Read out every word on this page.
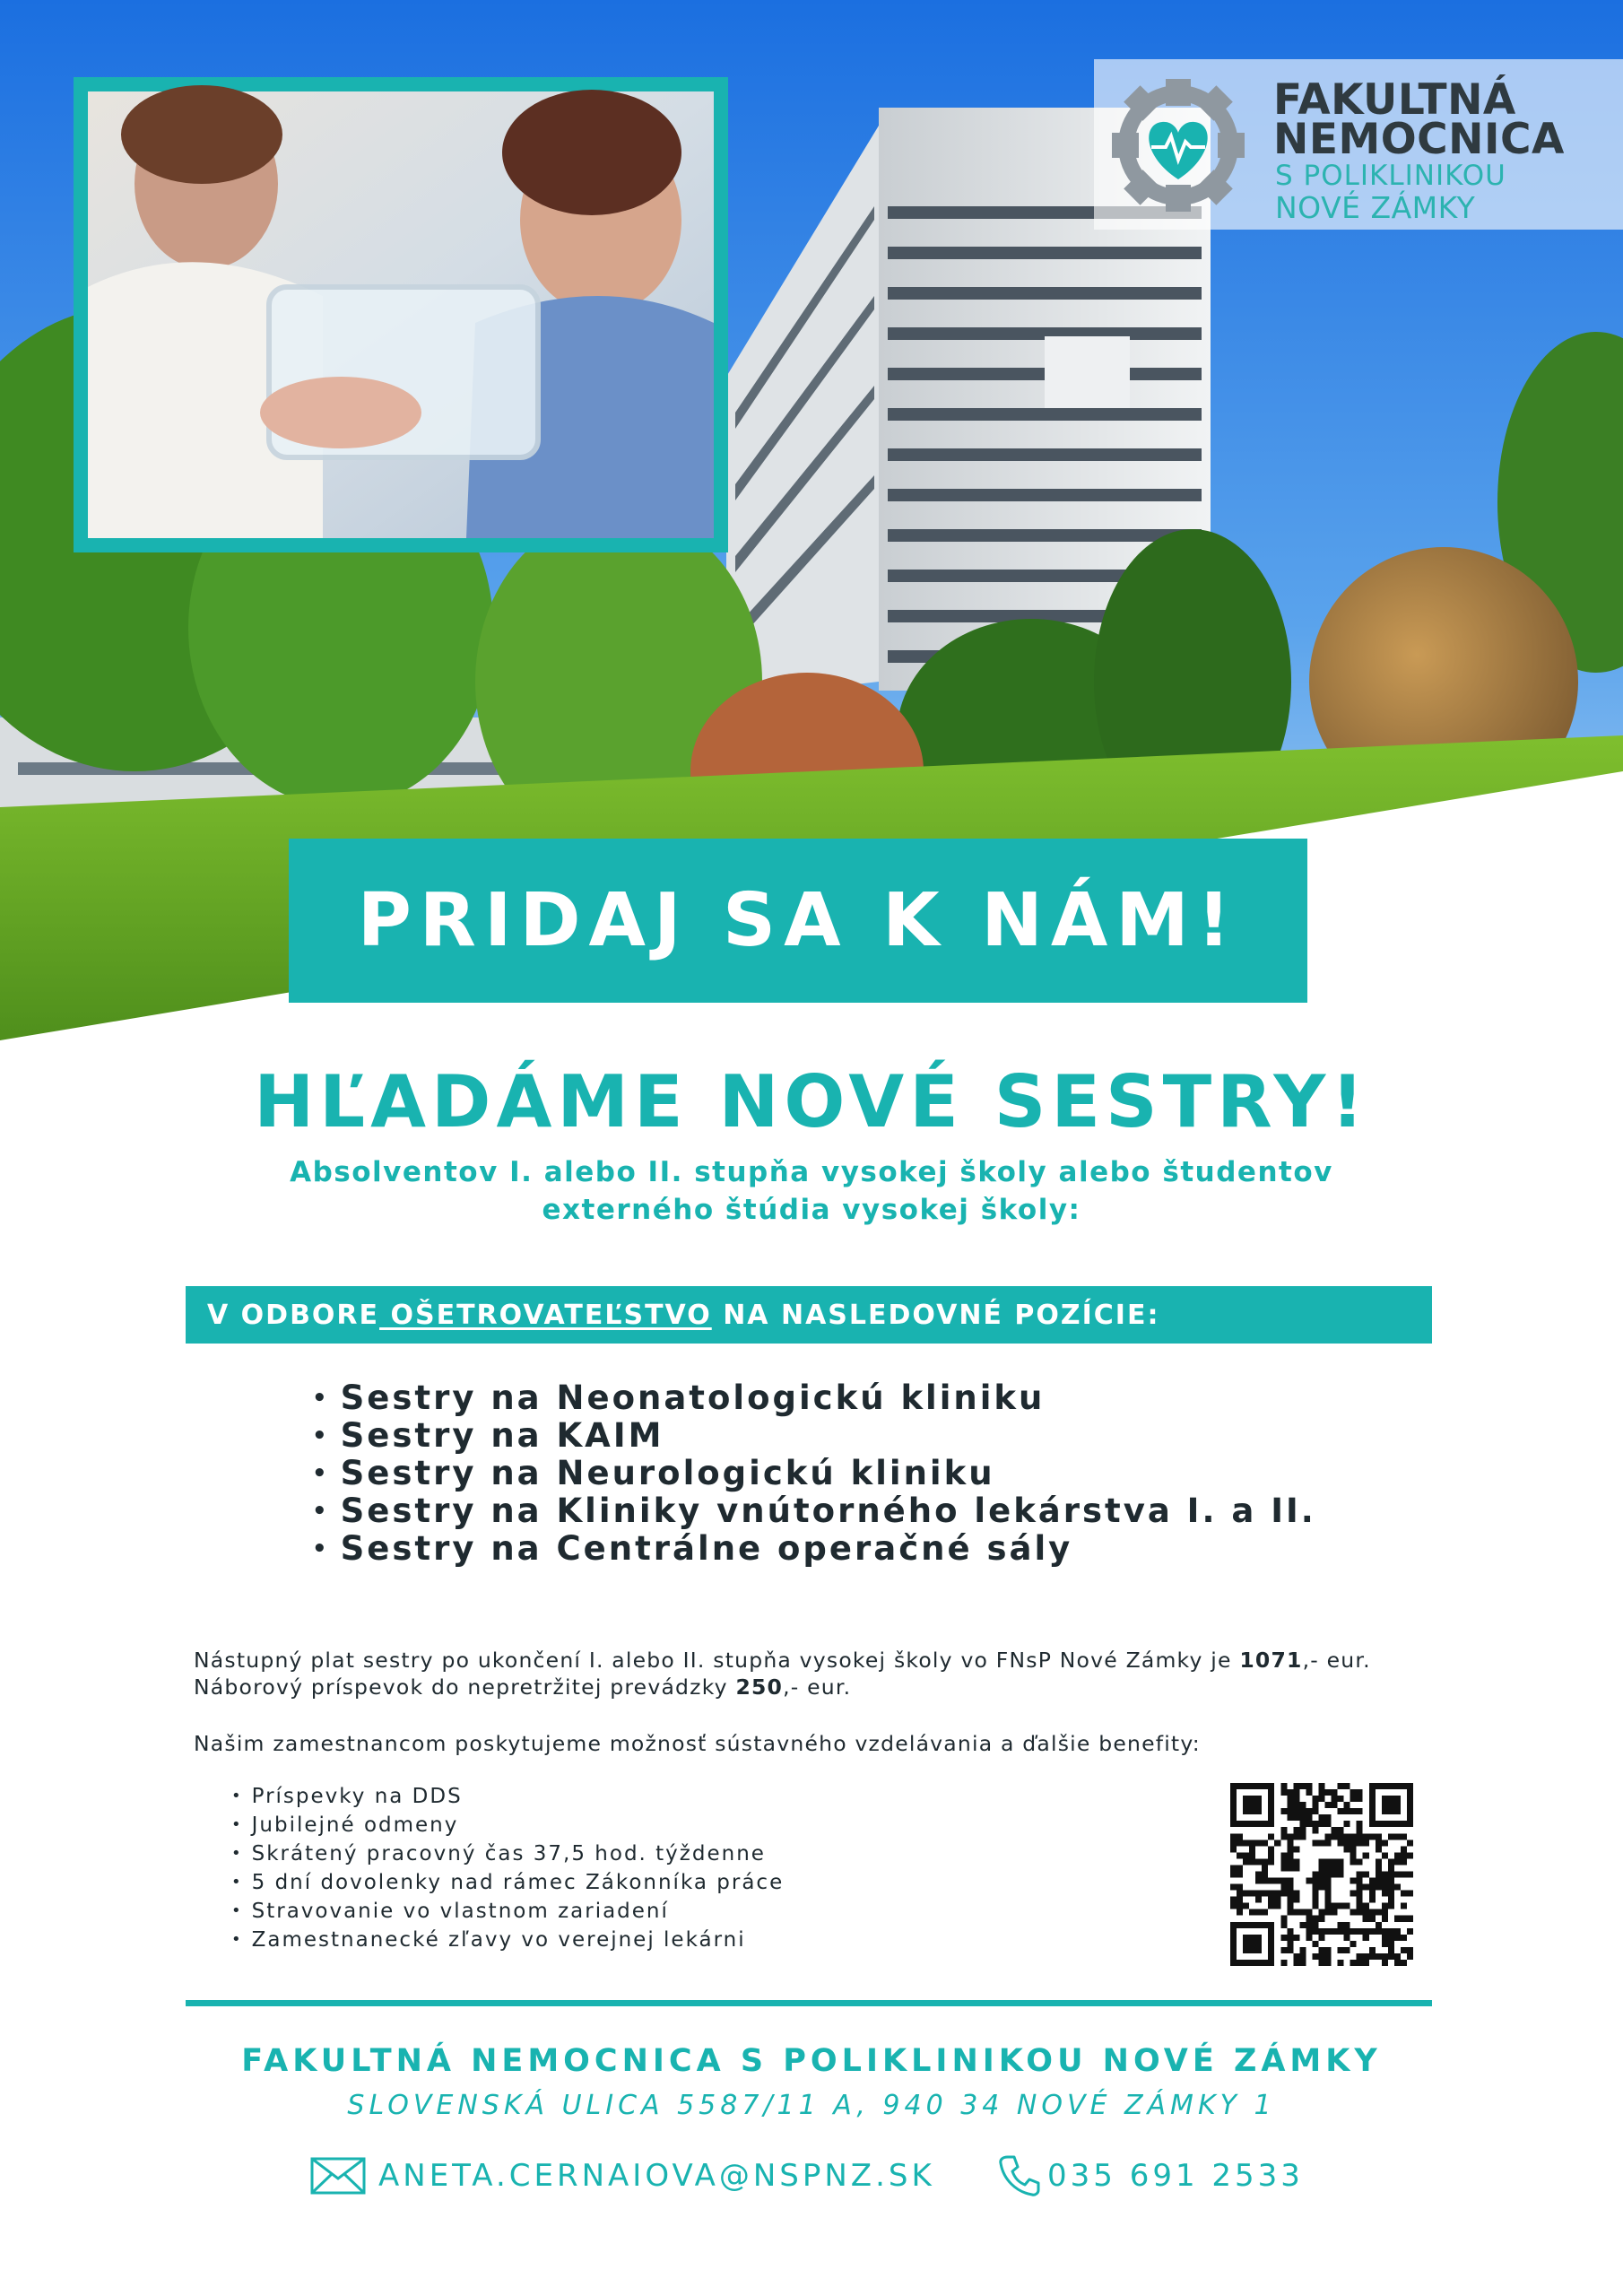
FAKULTNÁ
NEMOCNICA
S POLIKLINIKOU
NOVÉ ZÁMKY
PRIDAJ SA K NÁM!
HĽADÁME NOVÉ SESTRY!
Absolventov I. alebo II. stupňa vysokej školy alebo študentov
externého štúdia vysokej školy:
V ODBORE OŠETROVATEĽSTVO NA NASLEDOVNÉ POZÍCIE:
• Sestry na Neonatologickú kliniku
• Sestry na KAIM
• Sestry na Neurologickú kliniku
• Sestry na Kliniky vnútorného lekárstva I. a II.
• Sestry na Centrálne operačné sály
Nástupný plat sestry po ukončení I. alebo II. stupňa vysokej školy vo FNsP Nové Zámky je 1071,- eur.
Náborový príspevok do nepretržitej prevádzky 250,- eur.
Našim zamestnancom poskytujeme možnosť sústavného vzdelávania a ďalšie benefity:
• Príspevky na DDS
• Jubilejné odmeny
• Skrátený pracovný čas 37,5 hod. týždenne
• 5 dní dovolenky nad rámec Zákonníka práce
• Stravovanie vo vlastnom zariadení
• Zamestnanecké zľavy vo verejnej lekárni
FAKULTNÁ NEMOCNICA S POLIKLINIKOU NOVÉ ZÁMKY
SLOVENSKÁ ULICA 5587/11 A, 940 34 NOVÉ ZÁMKY 1
ANETA.CERNAIOVA@NSPNZ.SK	035 691 2533
